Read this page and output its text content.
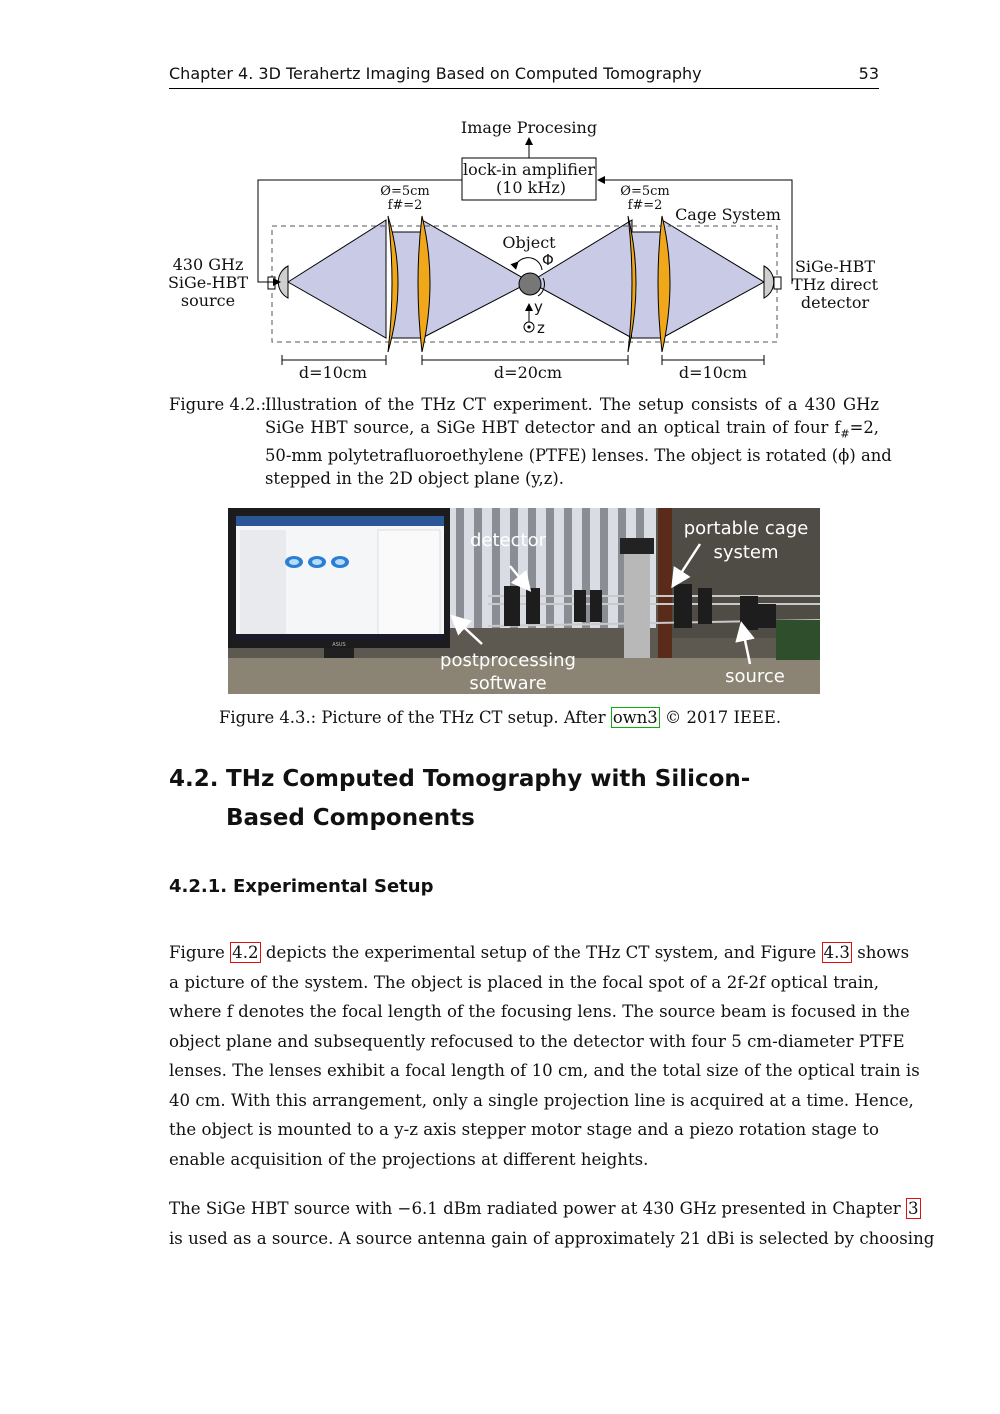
Chapter 4. 3D Terahertz Imaging Based on Computed Tomography	53
Image Procesing
lock-in amplifier
(10 kHz)
Cage System
Object
430 GHz
SiGe-HBT
source
SiGe-HBT
THz direct
detector
d=10cm	d=20cm	d=10cm
Ø=5cm
f#=2
Ø=5cm
f#=2
Φ
y
z
Figure 4.2.:
Illustration of the THz CT experiment. The setup consists of a 430 GHz
SiGe HBT source, a SiGe HBT detector and an optical train of four $f_{\#}=2$,
50-mm polytetrafluoroethylene (PTFE) lenses. The object is rotated (ϕ) and
stepped in the 2D object plane (y,z).
ASUS
detector
portable cage
system
postprocessing
software	source
Figure 4.3.: Picture of the THz CT setup. After own3 © 2017 IEEE.
4.2. THz Computed Tomography with Silicon-Based Components
4.2.1. Experimental Setup
Figure 4.2 depicts the experimental setup of the THz CT system, and Figure 4.3 shows
a picture of the system. The object is placed in the focal spot of a 2f-2f optical train,
where f denotes the focal length of the focusing lens. The source beam is focused in the
object plane and subsequently refocused to the detector with four 5 cm-diameter PTFE
lenses. The lenses exhibit a focal length of 10 cm, and the total size of the optical train is
40 cm. With this arrangement, only a single projection line is acquired at a time. Hence,
the object is mounted to a y-z axis stepper motor stage and a piezo rotation stage to
enable acquisition of the projections at different heights.
The SiGe HBT source with −6.1 dBm radiated power at 430 GHz presented in Chapter 3
is used as a source. A source antenna gain of approximately 21 dBi is selected by choosing
